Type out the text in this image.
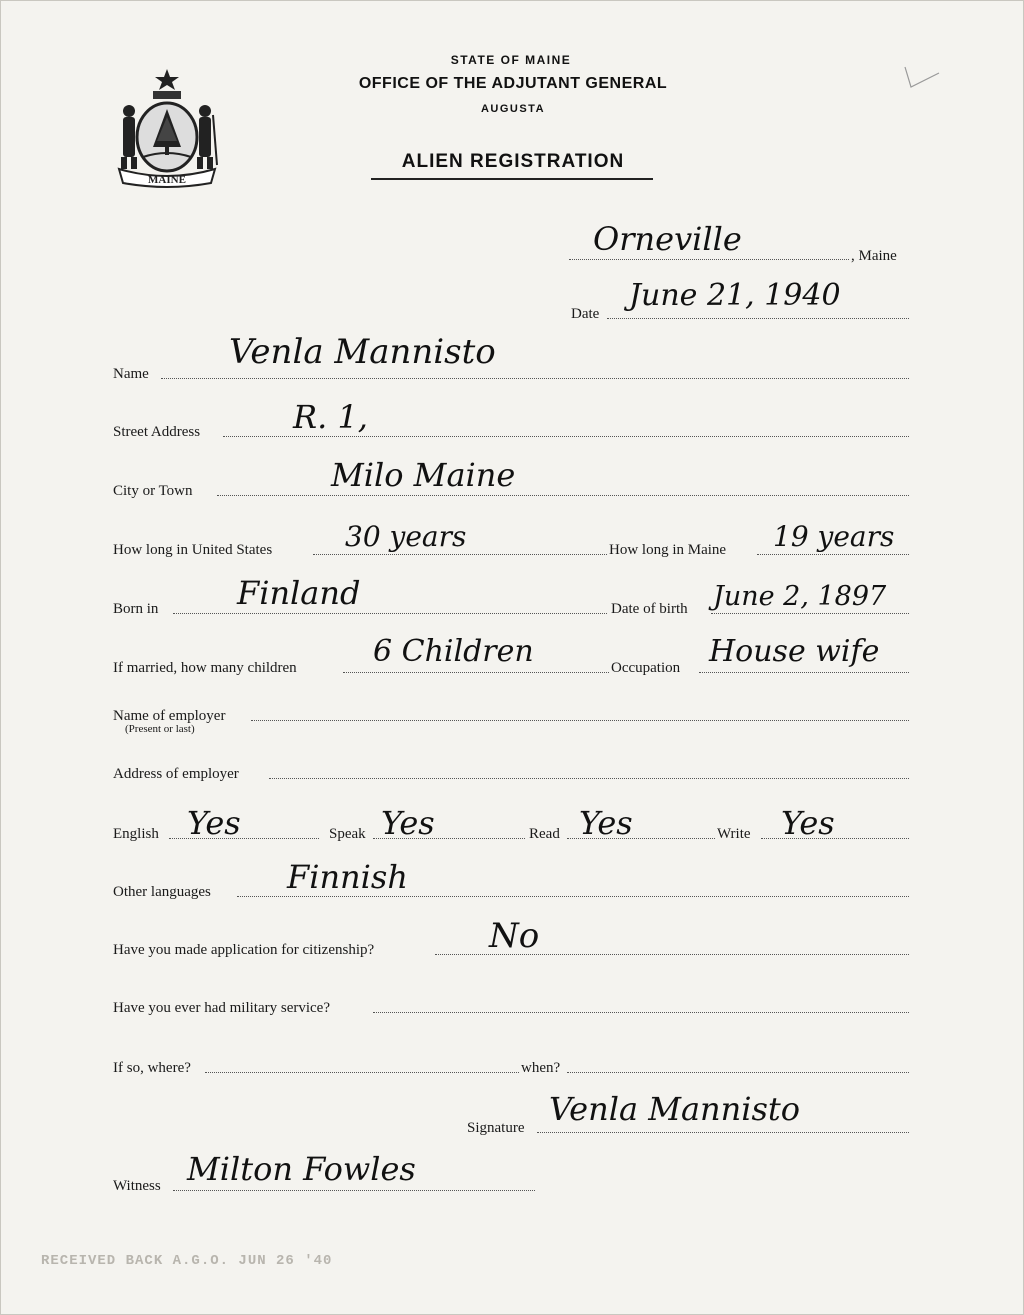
MAINE
STATE OF MAINE
OFFICE OF THE ADJUTANT GENERAL
AUGUSTA
ALIEN REGISTRATION
Orneville	, Maine
Date
June 21, 1940
Name
Venla Mannisto
Street Address	R. 1,
City or Town	Milo Maine
How long in United States	30 years	How long in Maine 19 years
Born in Finland	Date of birth June 2, 1897
If married, how many children	6 Children	Occupation House wife
Name of employer
(Present or last)
Address of employer
English Yes	Speak Yes	Read Yes	Write Yes
Other languages Finnish
Have you made application for citizenship?	No
Have you ever had military service?
If so, where?	when?
Signature Venla Mannisto
Witness Milton Fowles
RECEIVED BACK A.G.O. JUN 26 '40
